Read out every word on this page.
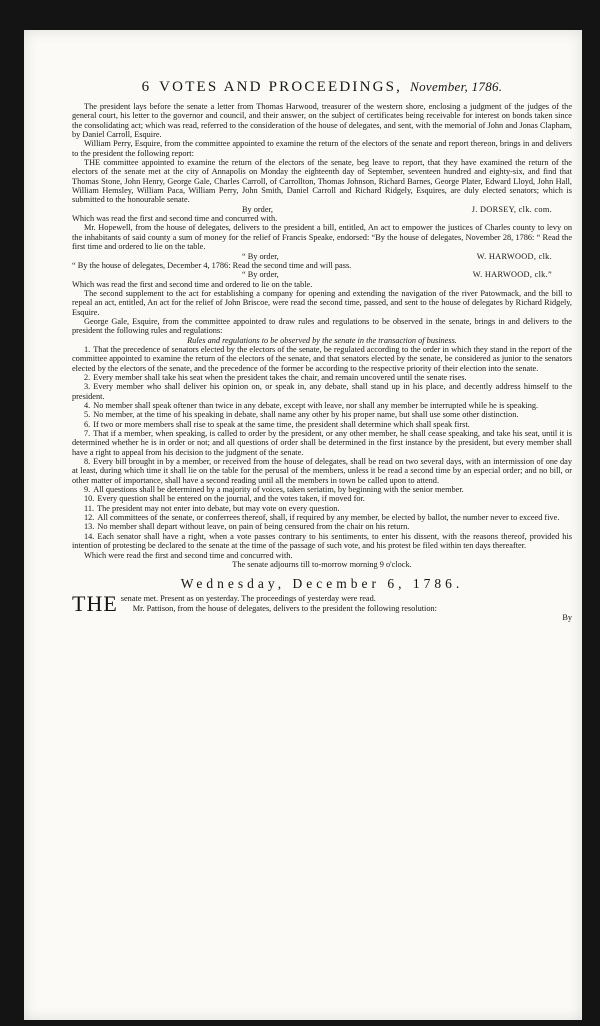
6 VOTES AND PROCEEDINGS, November, 1786.

The president lays before the senate a letter from Thomas Harwood, treasurer of the western shore, enclosing a judgment of the judges of the general court, his letter to the governor and council, and their answer, on the subject of certificates being receivable for interest on bonds taken since the consolidating act; which was read, referred to the consideration of the house of delegates, and sent, with the memorial of John and Jonas Clapham, by Daniel Carroll, Esquire.

William Perry, Esquire, from the committee appointed to examine the return of the electors of the senate and report thereon, brings in and delivers to the president the following report:

THE committee appointed to examine the return of the electors of the senate, beg leave to report, that they have examined the return of the electors of the senate met at the city of Annapolis on Monday the eighteenth day of September, seventeen hundred and eighty-six, and find that Thomas Stone, John Henry, George Gale, Charles Carroll, of Carrollton, Thomas Johnson, Richard Barnes, George Plater, Edward Lloyd, John Hall, William Hemsley, William Paca, William Perry, John Smith, Daniel Carroll and Richard Ridgely, Esquires, are duly elected senators; which is submitted to the honourable senate.

By order,	J. DORSEY, clk. com.

Which was read the first and second time and concurred with.

Mr. Hopewell, from the house of delegates, delivers to the president a bill, entitled, An act to empower the justices of Charles county to levy on the inhabitants of said county a sum of money for the relief of Francis Speake, endorsed: “By the house of delegates, November 28, 1786: “ Read the first time and ordered to lie on the table.

“ By order,	W. HARWOOD, clk.

“ By the house of delegates, December 4, 1786: Read the second time and will pass.

“ By order,	W. HARWOOD, clk.”

Which was read the first and second time and ordered to lie on the table.

The second supplement to the act for establishing a company for opening and extending the navigation of the river Patowmack, and the bill to repeal an act, entitled, An act for the relief of John Briscoe, were read the second time, passed, and sent to the house of delegates by Richard Ridgely, Esquire.

George Gale, Esquire, from the committee appointed to draw rules and regulations to be observed in the senate, brings in and delivers to the president the following rules and regulations:

Rules and regulations to be observed by the senate in the transaction of business.

1. That the precedence of senators elected by the electors of the senate, be regulated according to the order in which they stand in the report of the committee appointed to examine the return of the electors of the senate, and that senators elected by the senate, be considered as junior to the senators elected by the electors of the senate, and the precedence of the former be according to the respective priority of their election into the senate.

2. Every member shall take his seat when the president takes the chair, and remain uncovered until the senate rises.

3. Every member who shall deliver his opinion on, or speak in, any debate, shall stand up in his place, and decently address himself to the president.

4. No member shall speak oftener than twice in any debate, except with leave, nor shall any member be interrupted while he is speaking.

5. No member, at the time of his speaking in debate, shall name any other by his proper name, but shall use some other distinction.

6. If two or more members shall rise to speak at the same time, the president shall determine which shall speak first.

7. That if a member, when speaking, is called to order by the president, or any other member, he shall cease speaking, and take his seat, until it is determined whether he is in order or not; and all questions of order shall be determined in the first instance by the president, but every member shall have a right to appeal from his decision to the judgment of the senate.

8. Every bill brought in by a member, or received from the house of delegates, shall be read on two several days, with an intermission of one day at least, during which time it shall lie on the table for the perusal of the members, unless it be read a second time by an especial order; and no bill, or other matter of importance, shall have a second reading until all the members in town be called upon to attend.

9. All questions shall be determined by a majority of voices, taken seriatim, by beginning with the senior member.

10. Every question shall be entered on the journal, and the votes taken, if moved for.

11. The president may not enter into debate, but may vote on every question.

12. All committees of the senate, or conferrees thereof, shall, if required by any member, be elected by ballot, the number never to exceed five.

13. No member shall depart without leave, on pain of being censured from the chair on his return.

14. Each senator shall have a right, when a vote passes contrary to his sentiments, to enter his dissent, with the reasons thereof, provided his intention of protesting be declared to the senate at the time of the passage of such vote, and his protest be filed within ten days thereafter.

Which were read the first and second time and concurred with.

The senate adjourns till to-morrow morning 9 o'clock.

Wednesday, December 6, 1786.

THE senate met. Present as on yesterday. The proceedings of yesterday were read.

Mr. Pattison, from the house of delegates, delivers to the president the following resolution:

By
